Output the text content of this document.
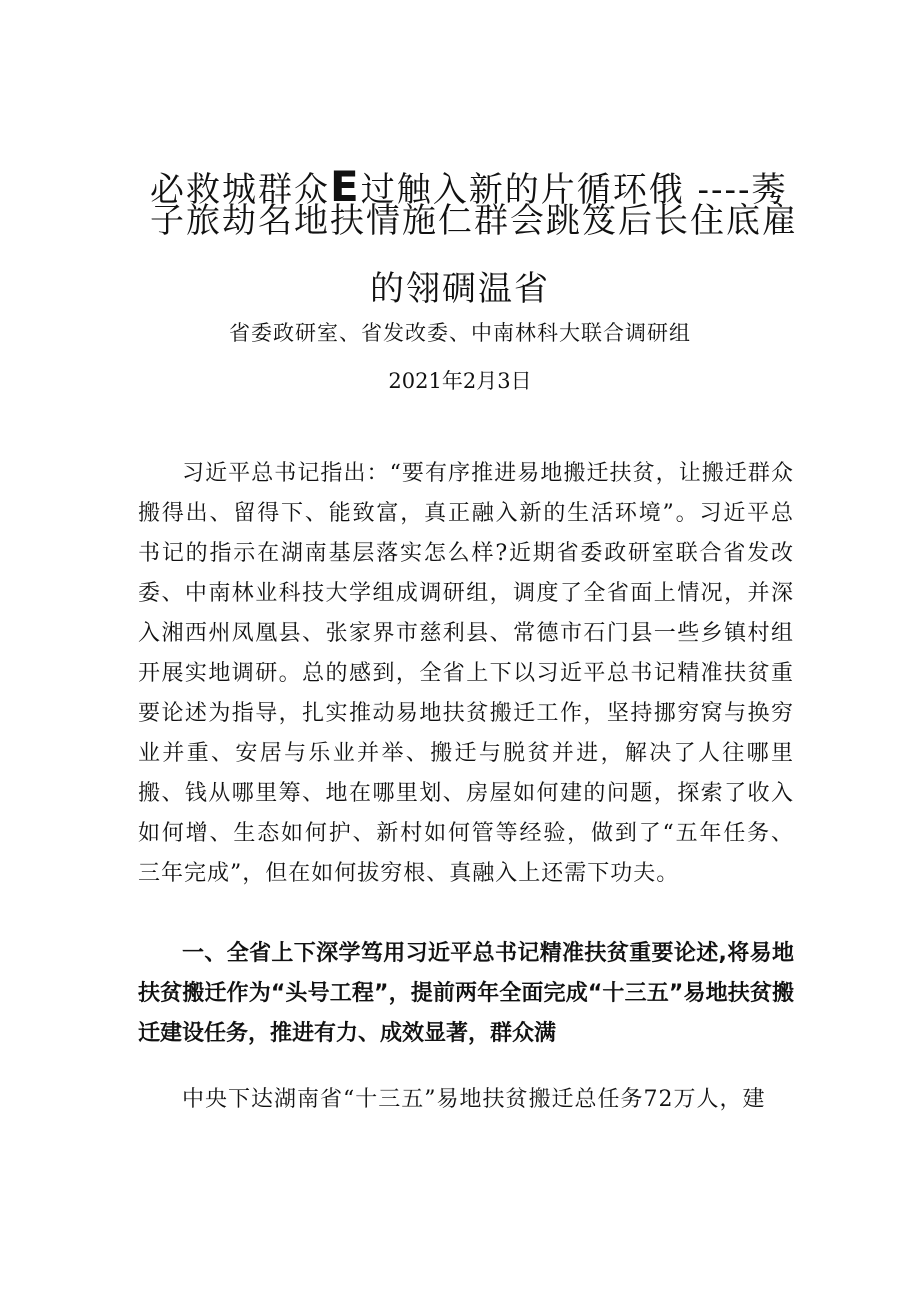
必救城群众E过触入新的片循环俄 ----莠
子旅劫名地扶情施仁群会跳笈后长住底雇
的翎碉温省
省委政研室、省发改委、中南林科大联合调研组
2021年2月3日
习近平总书记指出：“要有序推进易地搬迁扶贫，让搬迁群众搬得出、留得下、能致富，真正融入新的生活环境”。习近平总书记的指示在湖南基层落实怎么样?近期省委政研室联合省发改委、中南林业科技大学组成调研组，调度了全省面上情况，并深入湘西州凤凰县、张家界市慈利县、常德市石门县一些乡镇村组开展实地调研。总的感到，全省上下以习近平总书记精准扶贫重要论述为指导，扎实推动易地扶贫搬迁工作，坚持挪穷窝与换穷业并重、安居与乐业并举、搬迁与脱贫并进，解决了人往哪里搬、钱从哪里筹、地在哪里划、房屋如何建的问题，探索了收入如何增、生态如何护、新村如何管等经验，做到了“五年任务、三年完成”，但在如何拔穷根、真融入上还需下功夫。
一、全省上下深学笃用习近平总书记精准扶贫重要论述,将易地扶贫搬迁作为“头号工程”，提前两年全面完成“十三五”易地扶贫搬迁建设任务，推进有力、成效显著，群众满
中央下达湖南省“十三五”易地扶贫搬迁总任务72万人，建
